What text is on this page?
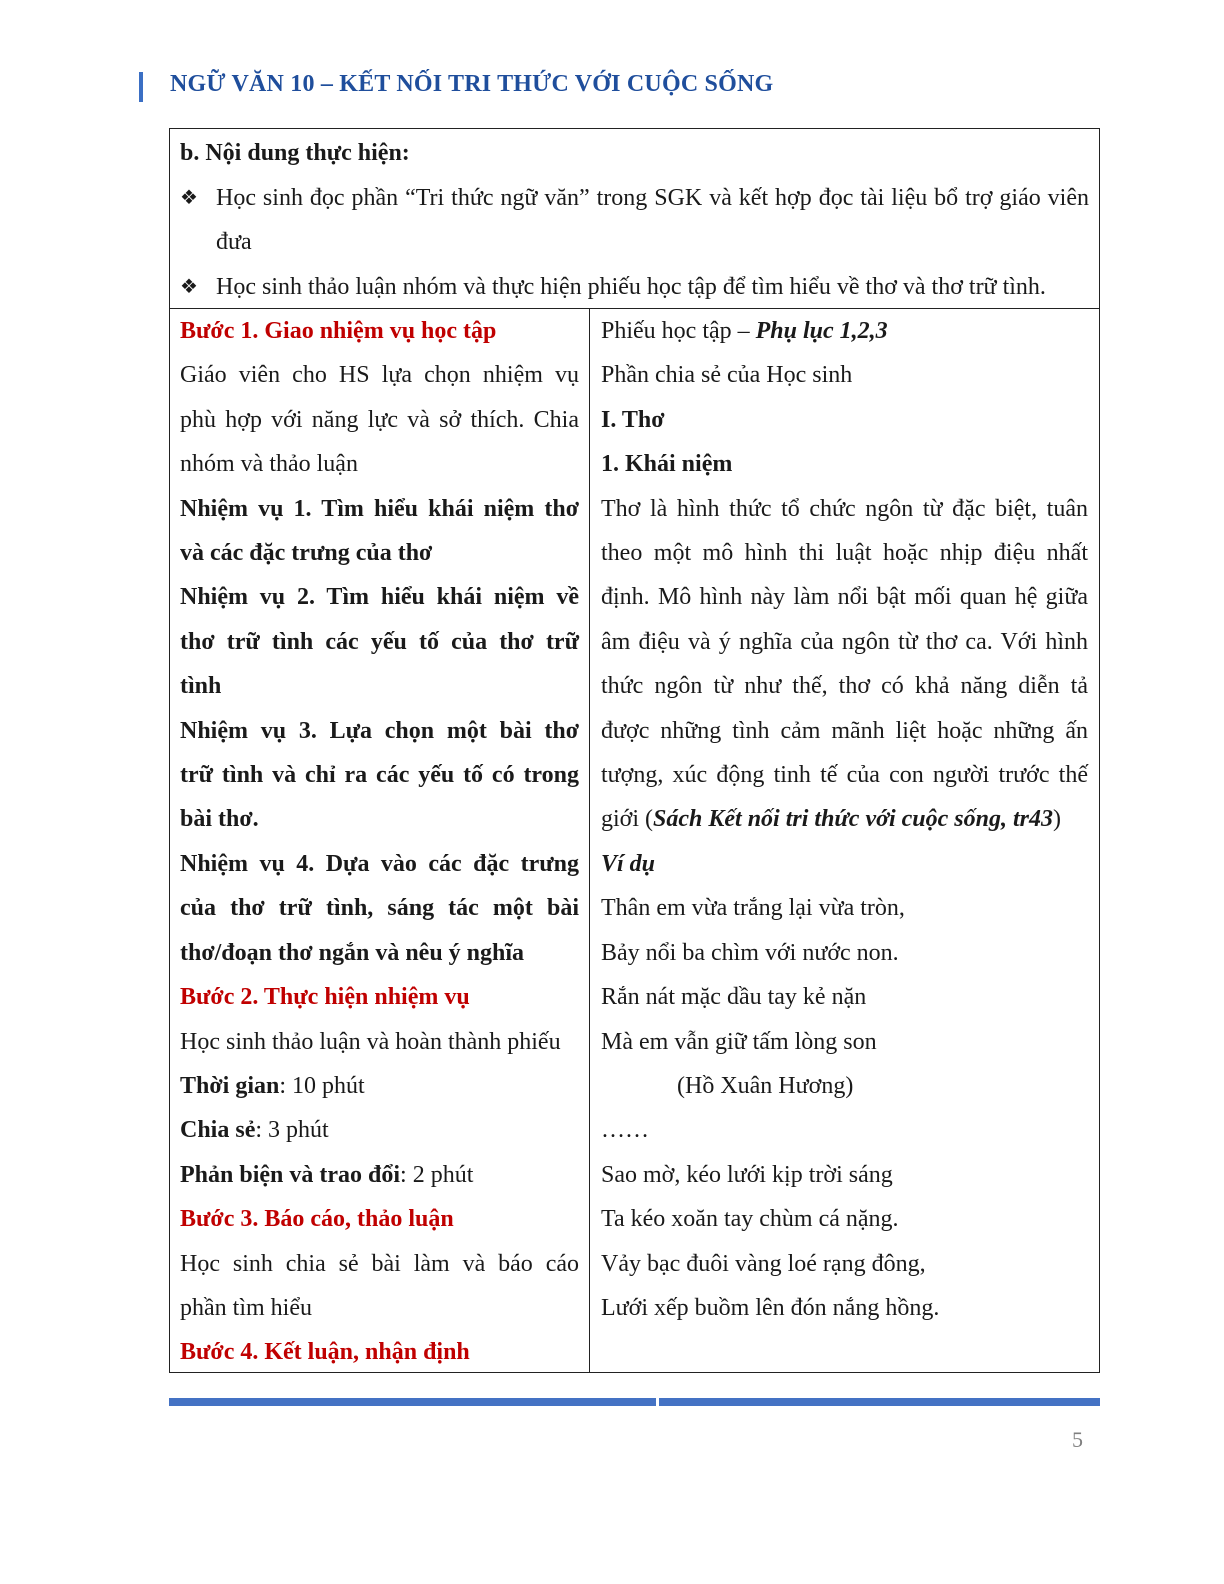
NGỮ VĂN 10 – KẾT NỐI TRI THỨC VỚI CUỘC SỐNG
b. Nội dung thực hiện:
❖ Học sinh đọc phần “Tri thức ngữ văn” trong SGK và kết hợp đọc tài liệu bổ trợ giáo viên đưa
❖ Học sinh thảo luận nhóm và thực hiện phiếu học tập để tìm hiểu về thơ và thơ trữ tình.
Bước 1. Giao nhiệm vụ học tập
Giáo viên cho HS lựa chọn nhiệm vụ
phù hợp với năng lực và sở thích. Chia
nhóm và thảo luận
Nhiệm vụ 1. Tìm hiểu khái niệm thơ
và các đặc trưng của thơ
Nhiệm vụ 2. Tìm hiểu khái niệm về
thơ trữ tình các yếu tố của thơ trữ
tình
Nhiệm vụ 3. Lựa chọn một bài thơ
trữ tình và chỉ ra các yếu tố có trong
bài thơ.
Nhiệm vụ 4. Dựa vào các đặc trưng
của thơ trữ tình, sáng tác một bài
thơ/đoạn thơ ngắn và nêu ý nghĩa
Bước 2. Thực hiện nhiệm vụ
Học sinh thảo luận và hoàn thành phiếu
Thời gian: 10 phút
Chia sẻ: 3 phút
Phản biện và trao đổi: 2 phút
Bước 3. Báo cáo, thảo luận
Học sinh chia sẻ bài làm và báo cáo
phần tìm hiểu
Bước 4. Kết luận, nhận định
Phiếu học tập – Phụ lục 1,2,3
Phần chia sẻ của Học sinh
I. Thơ
1. Khái niệm
Thơ là hình thức tổ chức ngôn từ đặc biệt, tuân
theo một mô hình thi luật hoặc nhịp điệu nhất
định. Mô hình này làm nổi bật mối quan hệ giữa
âm điệu và ý nghĩa của ngôn từ thơ ca. Với hình
thức ngôn từ như thế, thơ có khả năng diễn tả
được những tình cảm mãnh liệt hoặc những ấn
tượng, xúc động tinh tế của con người trước thế
giới (Sách Kết nối tri thức với cuộc sống, tr43)
Ví dụ
Thân em vừa trắng lại vừa tròn,
Bảy nổi ba chìm với nước non.
Rắn nát mặc dầu tay kẻ nặn
Mà em vẫn giữ tấm lòng son
(Hồ Xuân Hương)
……
Sao mờ, kéo lưới kịp trời sáng
Ta kéo xoăn tay chùm cá nặng.
Vảy bạc đuôi vàng loé rạng đông,
Lưới xếp buồm lên đón nắng hồng.
5
